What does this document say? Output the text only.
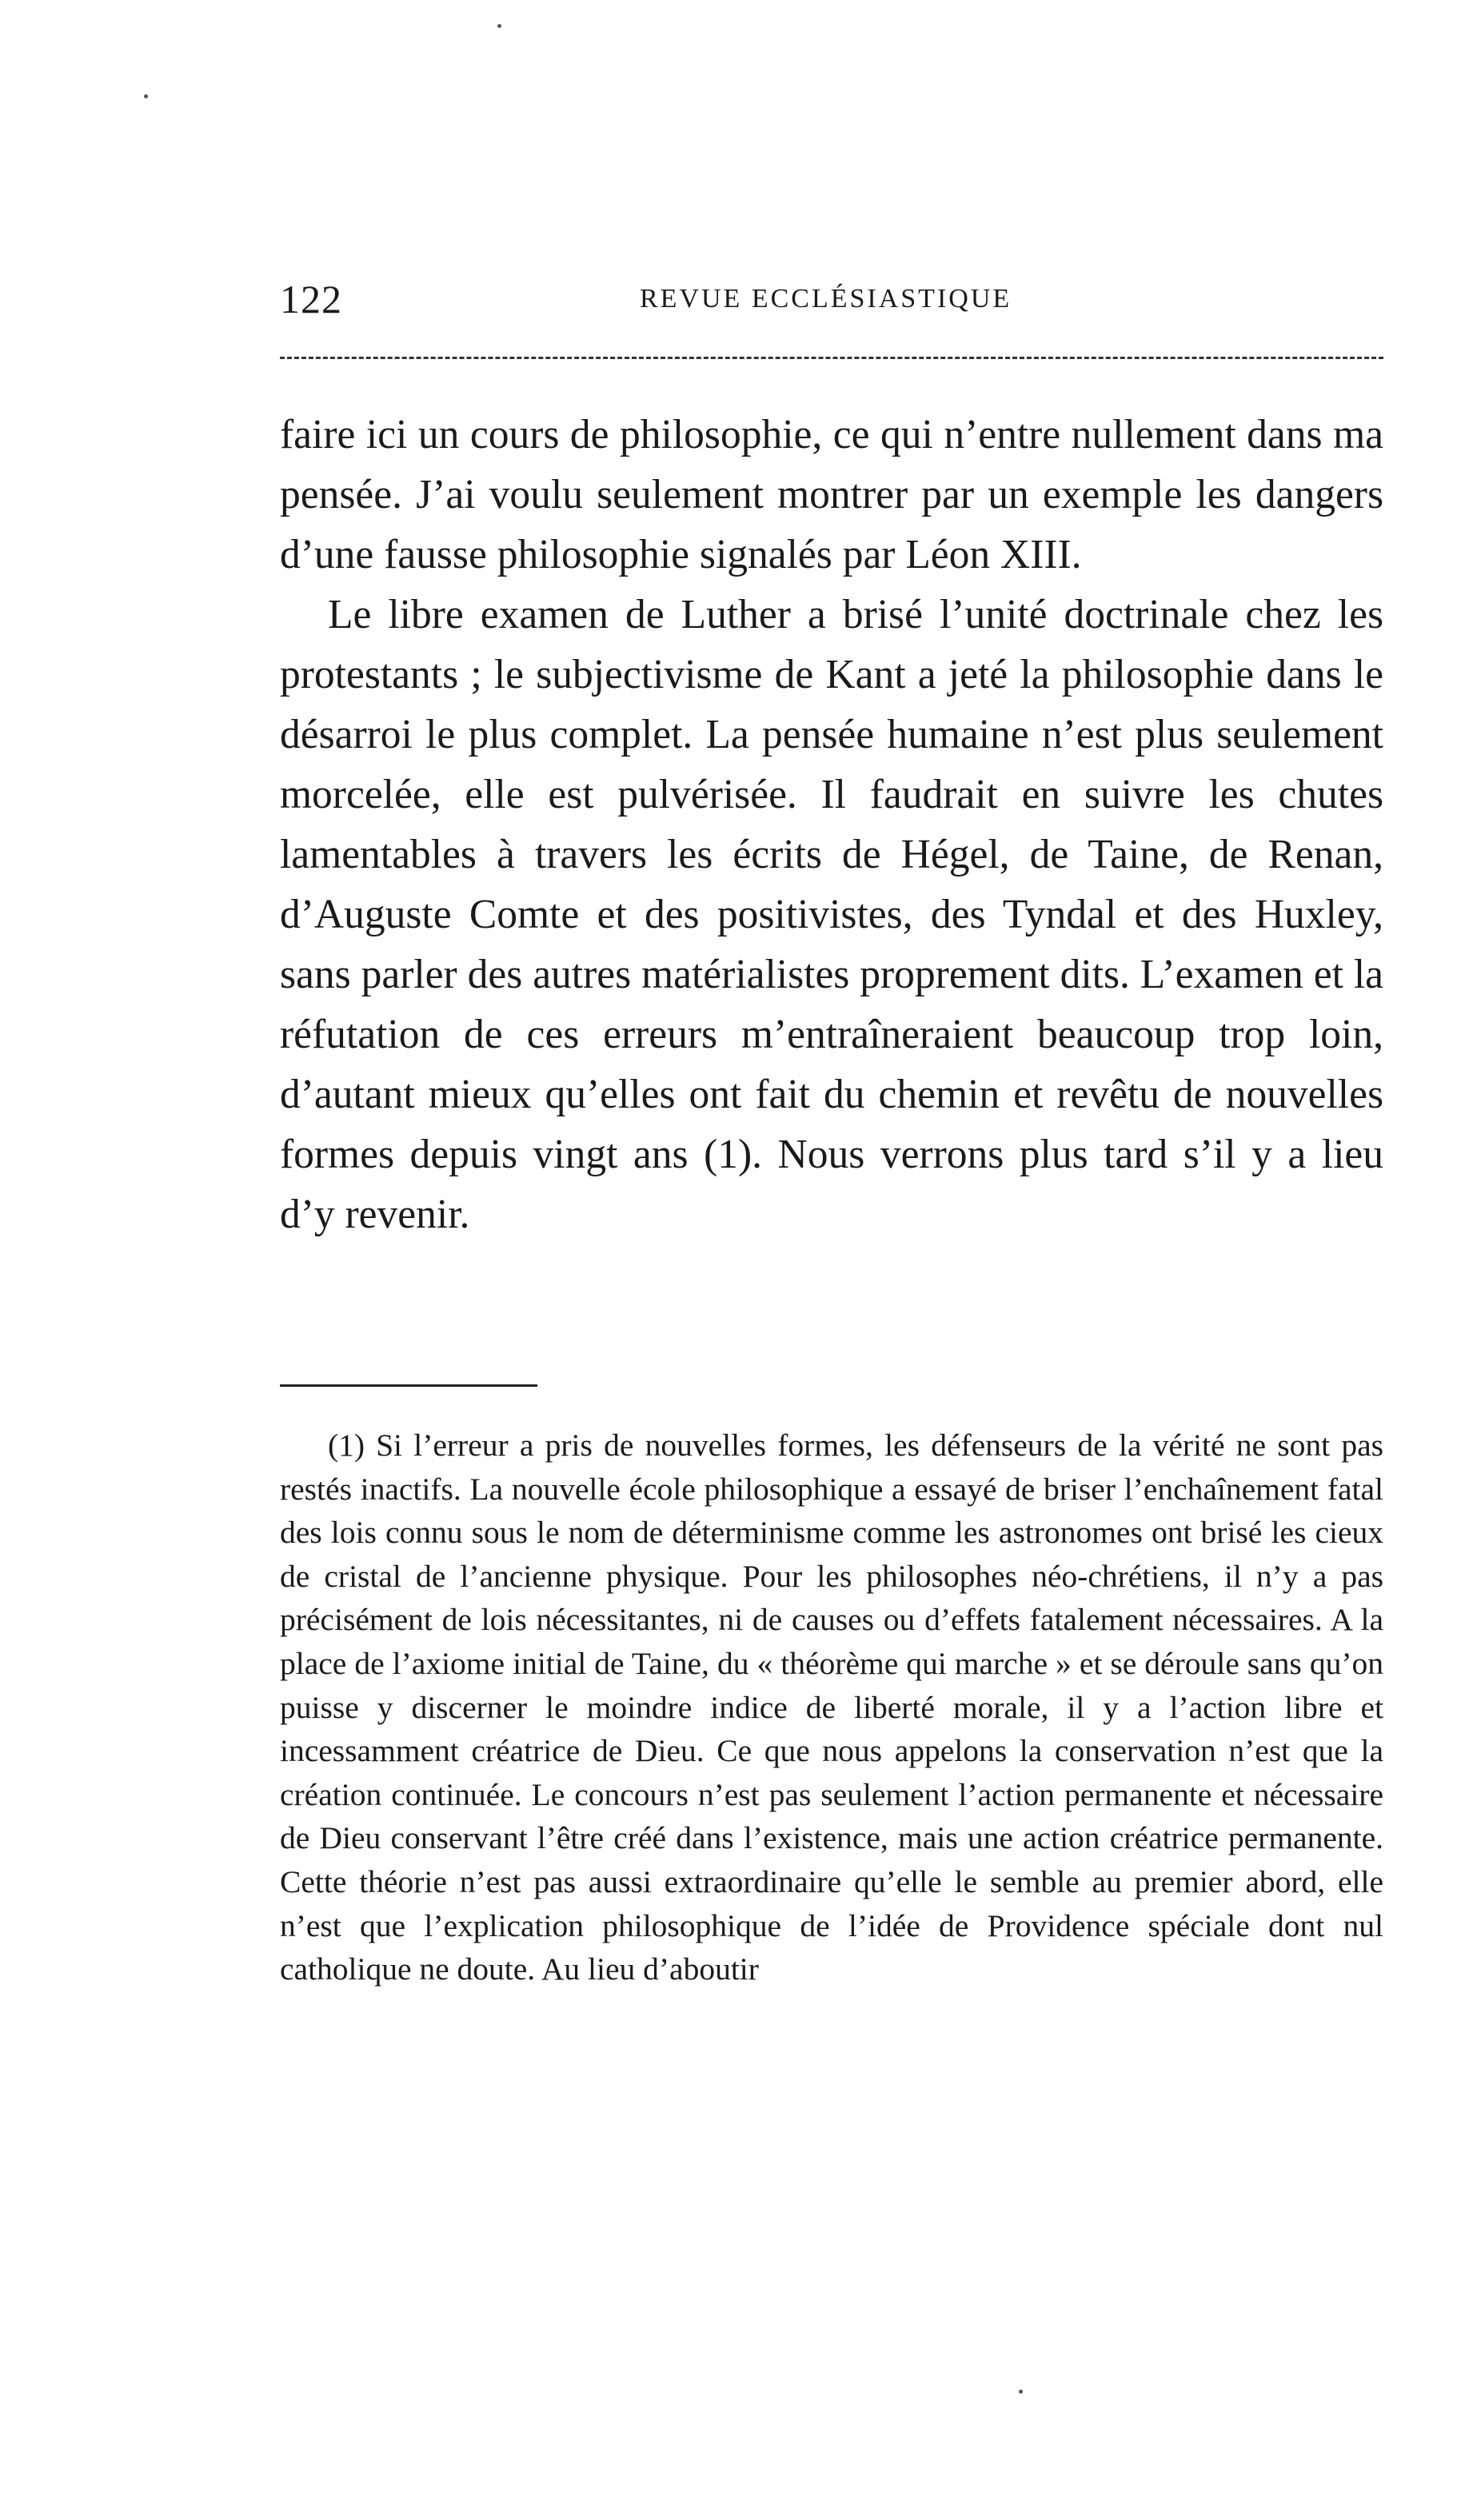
122	REVUE ECCLÉSIASTIQUE

faire ici un cours de philosophie, ce qui n’entre nullement dans ma pensée. J’ai voulu seulement montrer par un exemple les dangers d’une fausse philosophie signalés par Léon XIII.

Le libre examen de Luther a brisé l’unité doctrinale chez les protestants ; le subjectivisme de Kant a jeté la philosophie dans le désarroi le plus complet. La pensée humaine n’est plus seulement morcelée, elle est pulvérisée. Il faudrait en suivre les chutes lamentables à travers les écrits de Hégel, de Taine, de Renan, d’Auguste Comte et des positivistes, des Tyndal et des Huxley, sans parler des autres matérialistes proprement dits. L’examen et la réfutation de ces erreurs m’entraîneraient beaucoup trop loin, d’autant mieux qu’elles ont fait du chemin et revêtu de nouvelles formes depuis vingt ans (1). Nous verrons plus tard s’il y a lieu d’y revenir.

(1) Si l’erreur a pris de nouvelles formes, les défenseurs de la vérité ne sont pas restés inactifs. La nouvelle école philosophique a essayé de briser l’enchaînement fatal des lois connu sous le nom de déterminisme comme les astronomes ont brisé les cieux de cristal de l’ancienne physique. Pour les philosophes néo-chrétiens, il n’y a pas précisément de lois nécessitantes, ni de causes ou d’effets fatalement nécessaires. A la place de l’axiome initial de Taine, du « théorème qui marche » et se déroule sans qu’on puisse y discerner le moindre indice de liberté morale, il y a l’action libre et incessamment créatrice de Dieu. Ce que nous appelons la conservation n’est que la création continuée. Le concours n’est pas seulement l’action permanente et nécessaire de Dieu conservant l’être créé dans l’existence, mais une action créatrice permanente. Cette théorie n’est pas aussi extraordinaire qu’elle le semble au premier abord, elle n’est que l’explication philosophique de l’idée de Providence spéciale dont nul catholique ne doute. Au lieu d’aboutir
